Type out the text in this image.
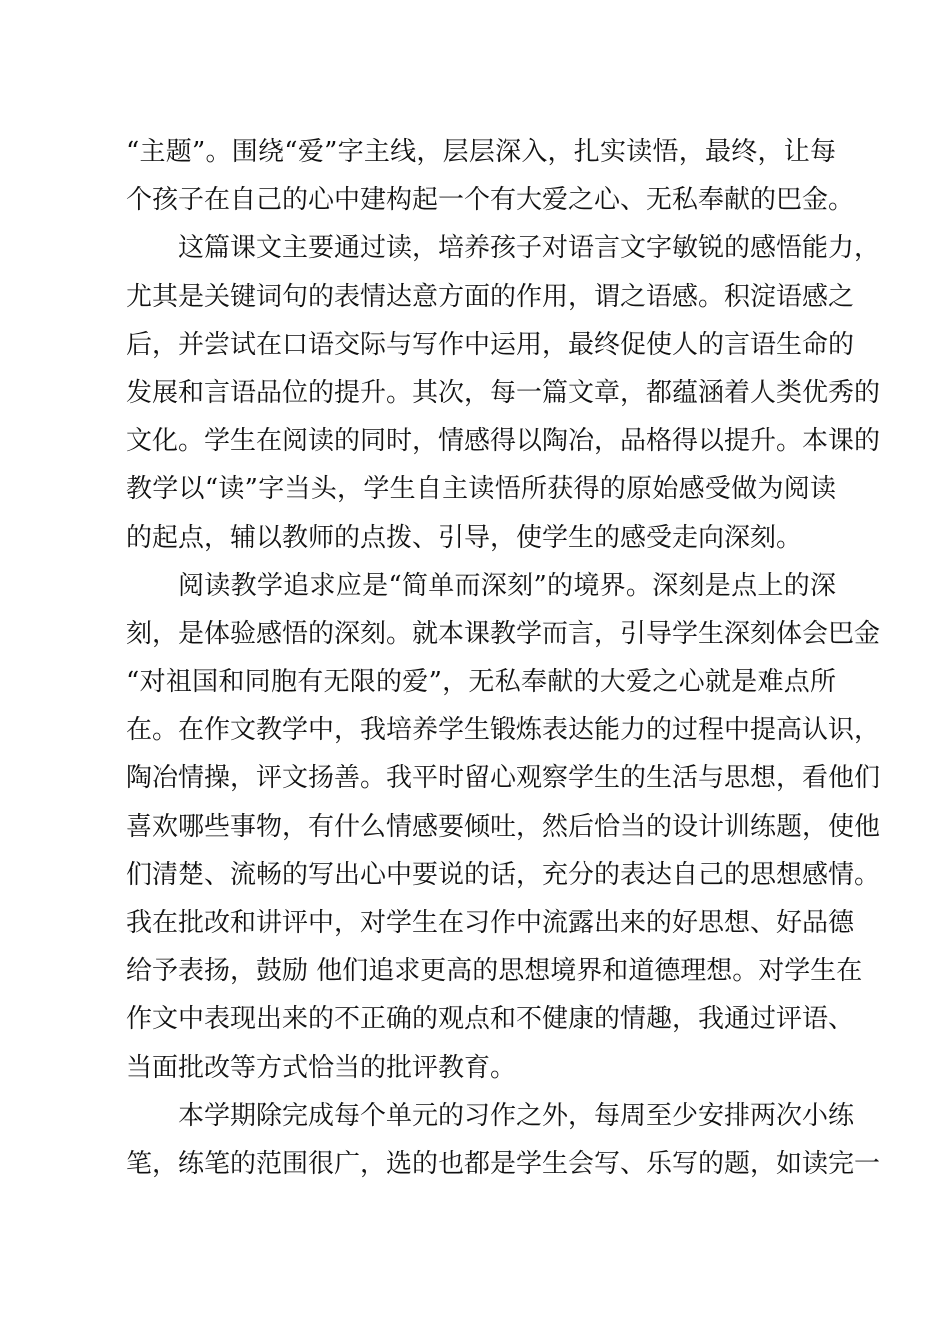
“主题”。围绕“爱”字主线，层层深入，扎实读悟，最终，让每
个孩子在自己的心中建构起一个有大爱之心、无私奉献的巴金。
这篇课文主要通过读，培养孩子对语言文字敏锐的感悟能力，
尤其是关键词句的表情达意方面的作用，谓之语感。积淀语感之
后，并尝试在口语交际与写作中运用，最终促使人的言语生命的
发展和言语品位的提升。其次，每一篇文章，都蕴涵着人类优秀的
文化。学生在阅读的同时，情感得以陶冶，品格得以提升。本课的
教学以“读”字当头，学生自主读悟所获得的原始感受做为阅读
的起点，辅以教师的点拨、引导，使学生的感受走向深刻。
阅读教学追求应是“简单而深刻”的境界。深刻是点上的深
刻，是体验感悟的深刻。就本课教学而言，引导学生深刻体会巴金
“对祖国和同胞有无限的爱”，无私奉献的大爱之心就是难点所
在。在作文教学中，我培养学生锻炼表达能力的过程中提高认识，
陶冶情操，评文扬善。我平时留心观察学生的生活与思想，看他们
喜欢哪些事物，有什么情感要倾吐，然后恰当的设计训练题，使他
们清楚、流畅的写出心中要说的话，充分的表达自己的思想感情。
我在批改和讲评中，对学生在习作中流露出来的好思想、好品德
给予表扬，鼓励 他们追求更高的思想境界和道德理想。对学生在
作文中表现出来的不正确的观点和不健康的情趣，我通过评语、
当面批改等方式恰当的批评教育。
本学期除完成每个单元的习作之外，每周至少安排两次小练
笔，练笔的范围很广，选的也都是学生会写、乐写的题，如读完一
